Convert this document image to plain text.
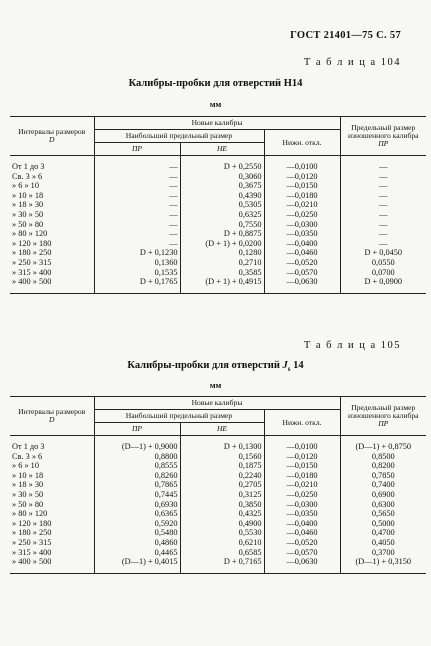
ГОСТ 21401—75 С. 57
Т а б л и ц а 104
Калибры-пробки для отверстий Н14
мм
Интервалы размеров
D	Новые калибры			Предельный размер изношенного калибра
ПР
	Наибольший предельный размер		Нижн. откл.	
	ПР	НЕ		
От 1 до 3	—	D + 0,2550	—0,0100	—
Св. 3 » 6	—	0,3060	—0,0120	—
» 6 » 10	—	0,3675	—0,0150	—
» 10 » 18	—	0,4390	—0,0180	—
» 18 » 30	—	0,5305	—0,0210	—
» 30 » 50	—	0,6325	—0,0250	—
» 50 » 80	—	0,7550	—0,0300	—
» 80 » 120	—	D + 0,8875	—0,0350	—
» 120 » 180	—	(D + 1) + 0,0200	—0,0400	—
» 180 » 250	D + 0,1230	0,1280	—0,0460	D + 0,0450
» 250 » 315	0,1360	0,2710	—0,0520	0,0550
» 315 » 400	0,1535	0,3585	—0,0570	0,0700
» 400 » 500	D + 0,1765	(D + 1) + 0,4915	—0,0630	D + 0,0900
Т а б л и ц а 105
Калибры-пробки для отверстий $J_s$ 14
мм
Интервалы размеров
D	Новые калибры			Предельный размер изношенного калибра
ПР
	Наибольший предельный размер		Нижн. откл.	
	ПР	НЕ		
От 1 до 3	(D—1) + 0,9000	D + 0,1300	—0,0100	(D—1) + 0,8750
Св. 3 » 6	0,8800	0,1560	—0,0120	0,8500
» 6 » 10	0,8555	0,1875	—0,0150	0,8200
» 10 » 18	0,8260	0,2240	—0,0180	0,7850
» 18 » 30	0,7865	0,2705	—0,0210	0,7400
» 30 » 50	0,7445	0,3125	—0,0250	0,6900
» 50 » 80	0,6930	0,3850	—0,0300	0,6300
» 80 » 120	0,6365	0,4325	—0,0350	0,5650
» 120 » 180	0,5920	0,4900	—0,0400	0,5000
» 180 » 250	0,5480	0,5530	—0,0460	0,4700
» 250 » 315	0,4860	0,6210	—0,0520	0,4050
» 315 » 400	0,4465	0,6585	—0,0570	0,3700
» 400 » 500	(D—1) + 0,4015	D + 0,7165	—0,0630	(D—1) + 0,3150
